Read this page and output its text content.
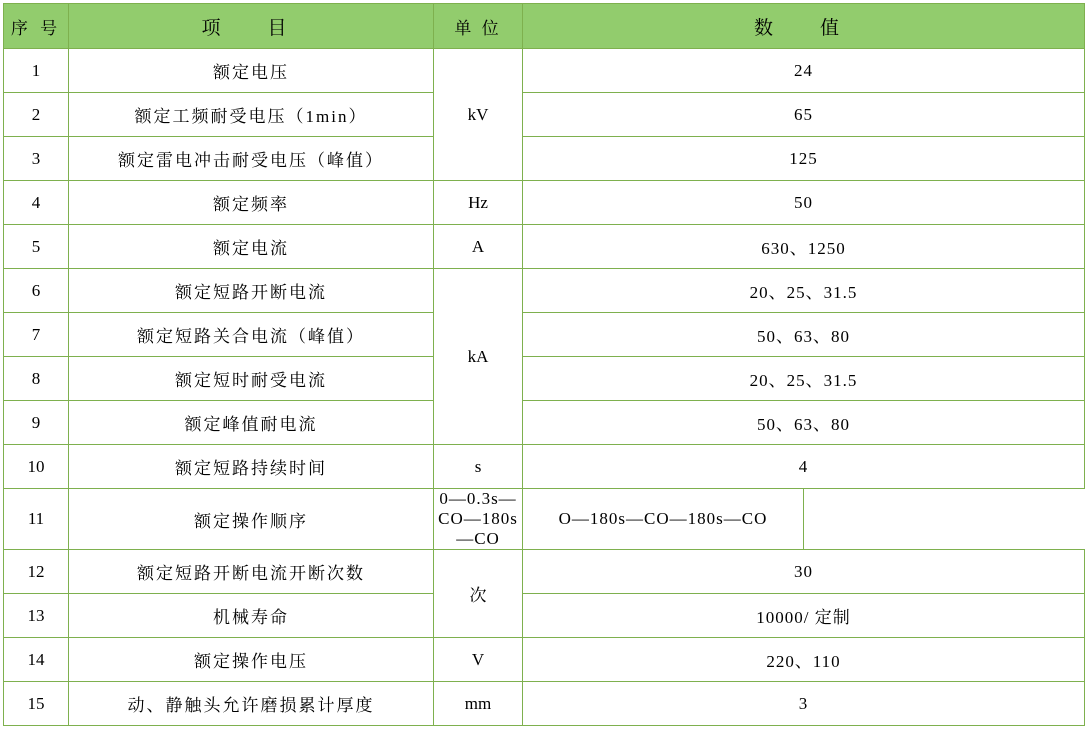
序 号	项　目	单 位	数　值
1	额定电压	kV	24
2	额定工频耐受电压（1min）		65
3	额定雷电冲击耐受电压（峰值）		125
4	额定频率	Hz	50
5	额定电流	A	630、1250
6	额定短路开断电流	kA	20、25、31.5
7	额定短路关合电流（峰值）		50、63、80
8	额定短时耐受电流		20、25、31.5
9	额定峰值耐电流		50、63、80
10	额定短路持续时间	s	4
11	额定操作顺序	0—0.3s—CO—180s—CO	O—180s—CO—180s—CO
12	额定短路开断电流开断次数	次	30
13	机械寿命		10000/ 定制
14	额定操作电压	V	220、110
15	动、静触头允许磨损累计厚度	mm	3
